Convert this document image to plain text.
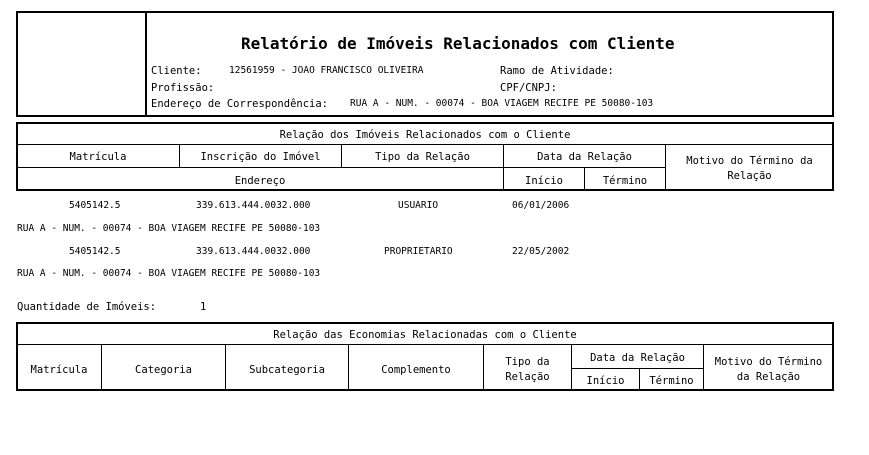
Relatório de Imóveis Relacionados com Cliente
Cliente:	12561959 - JOAO FRANCISCO OLIVEIRA	Ramo de Atividade:
Profissão:	CPF/CNPJ:
Endereço de Correspondência: RUA A - NUM. - 00074 - BOA VIAGEM RECIFE PE 50080-103
Relação dos Imóveis Relacionados com o Cliente
Matrícula	Inscrição do Imóvel	Tipo da Relação	Data da Relação	Motivo do Término da
Relação
Endereço	Início	Término
5405142.5	339.613.444.0032.000	USUARIO	06/01/2006
RUA A - NUM. - 00074 - BOA VIAGEM RECIFE PE 50080-103
5405142.5	339.613.444.0032.000	PROPRIETARIO	22/05/2002
RUA A - NUM. - 00074 - BOA VIAGEM RECIFE PE 50080-103
Quantidade de Imóveis:	1
Relação das Economias Relacionadas com o Cliente
Matrícula	Categoria	Subcategoria	Complemento
Tipo da
Relação
Data da Relação
Início	Término
Motivo do Término
da Relação
